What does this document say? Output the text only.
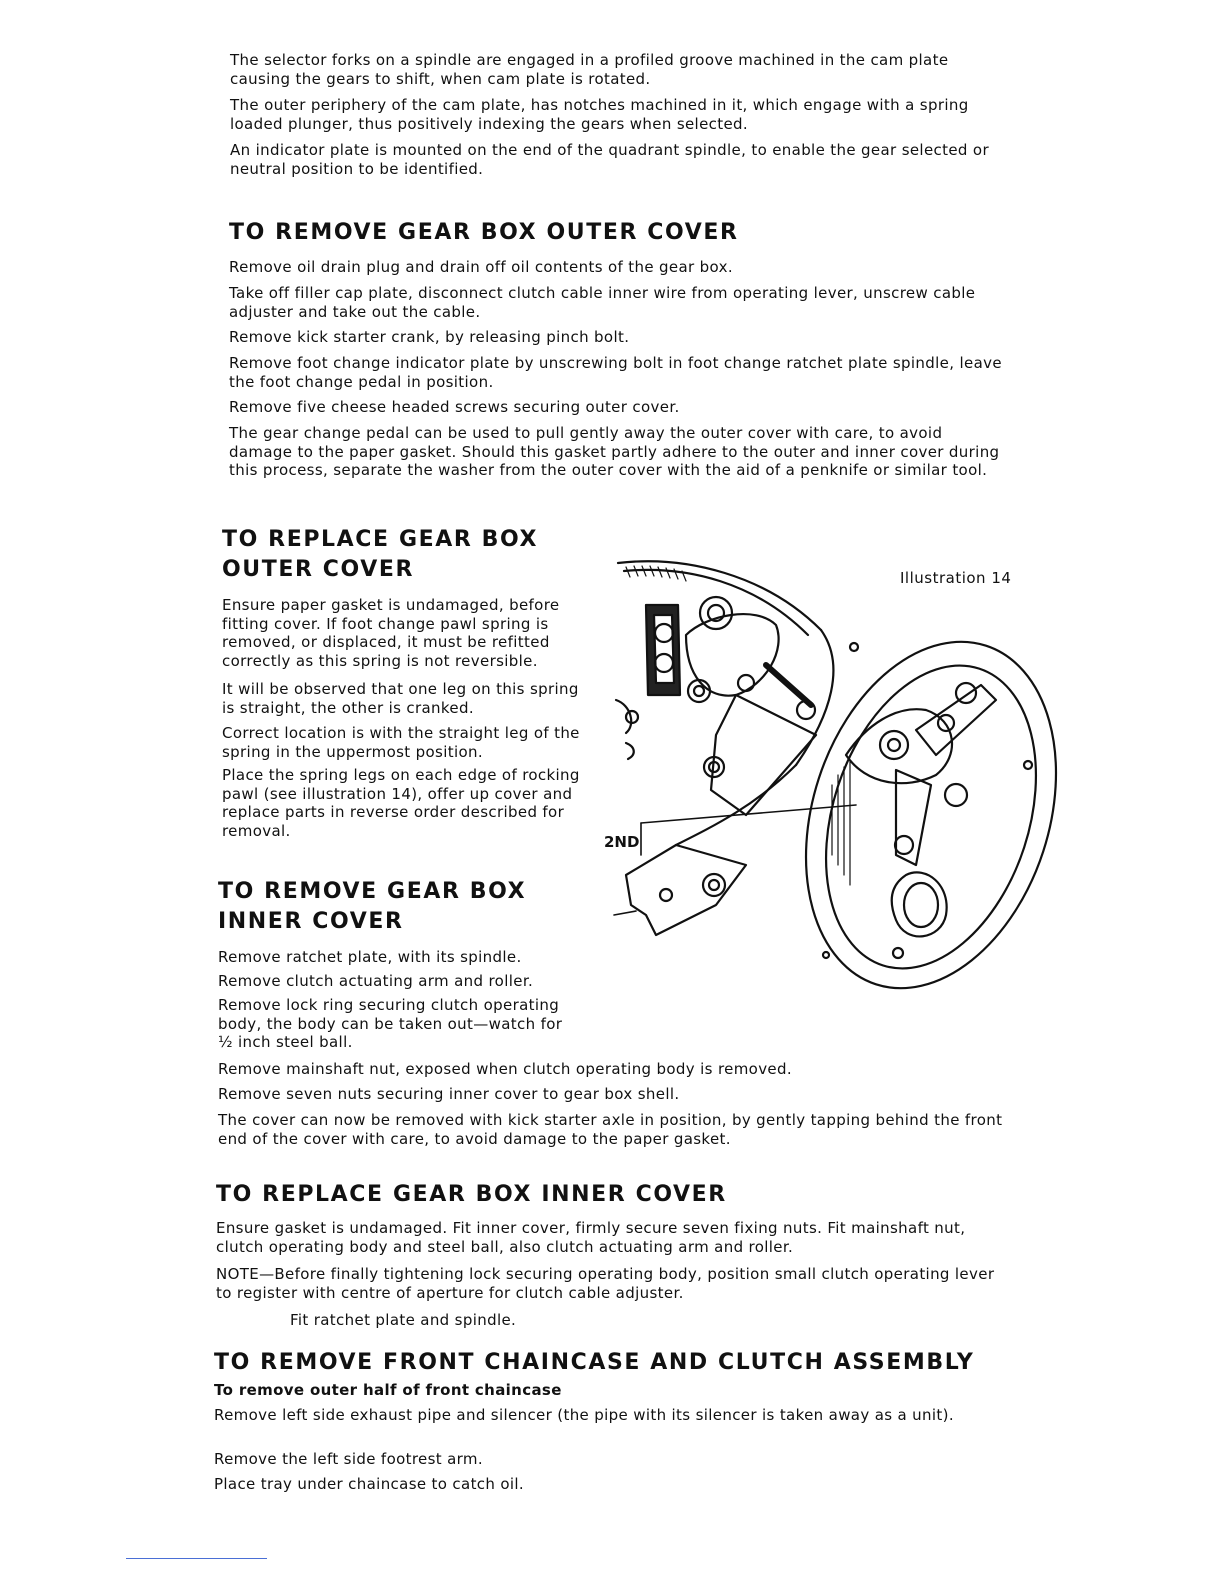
The selector forks on a spindle are engaged in a profiled groove machined in the cam plate causing the gears to shift, when cam plate is rotated.

The outer periphery of the cam plate, has notches machined in it, which engage with a spring loaded plunger, thus positively indexing the gears when selected.

An indicator plate is mounted on the end of the quadrant spindle, to enable the gear selected or neutral position to be identified.

TO REMOVE GEAR BOX OUTER COVER

Remove oil drain plug and drain off oil contents of the gear box.

Take off filler cap plate, disconnect clutch cable inner wire from operating lever, unscrew cable adjuster and take out the cable.

Remove kick starter crank, by releasing pinch bolt.

Remove foot change indicator plate by unscrewing bolt in foot change ratchet plate spindle, leave the foot change pedal in position.

Remove five cheese headed screws securing outer cover.

The gear change pedal can be used to pull gently away the outer cover with care, to avoid damage to the paper gasket. Should this gasket partly adhere to the outer and inner cover during this process, separate the washer from the outer cover with the aid of a penknife or similar tool.

TO REPLACE GEAR BOX
OUTER COVER

Ensure paper gasket is undamaged, before fitting cover. If foot change pawl spring is removed, or displaced, it must be refitted correctly as this spring is not reversible.

It will be observed that one leg on this spring is straight, the other is cranked.

Correct location is with the straight leg of the spring in the uppermost position.

Place the spring legs on each edge of rocking pawl (see illustration 14), offer up cover and replace parts in reverse order described for removal.

Illustration 14
2ND
TO REMOVE GEAR BOX
INNER COVER

Remove ratchet plate, with its spindle.

Remove clutch actuating arm and roller.

Remove lock ring securing clutch operating body, the body can be taken out—watch for ½ inch steel ball.

Remove mainshaft nut, exposed when clutch operating body is removed.

Remove seven nuts securing inner cover to gear box shell.

The cover can now be removed with kick starter axle in position, by gently tapping behind the front end of the cover with care, to avoid damage to the paper gasket.

TO REPLACE GEAR BOX INNER COVER

Ensure gasket is undamaged. Fit inner cover, firmly secure seven fixing nuts. Fit mainshaft nut, clutch operating body and steel ball, also clutch actuating arm and roller.

NOTE—Before finally tightening lock securing operating body, position small clutch operating lever to register with centre of aperture for clutch cable adjuster.

Fit ratchet plate and spindle.

TO REMOVE FRONT CHAINCASE AND CLUTCH ASSEMBLY

To remove outer half of front chaincase

Remove left side exhaust pipe and silencer (the pipe with its silencer is taken away as a unit).

Remove the left side footrest arm.

Place tray under chaincase to catch oil.
